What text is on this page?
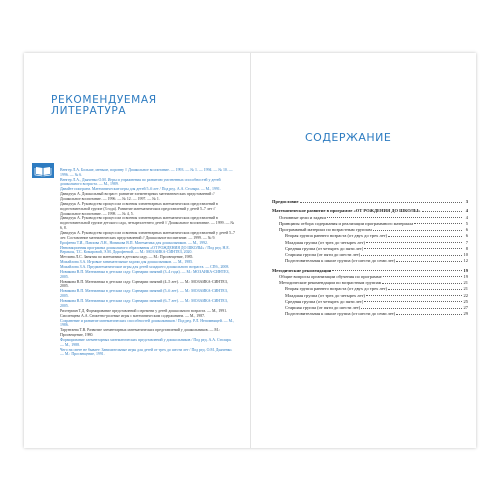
РЕКОМЕНДУЕМАЯ
ЛИТЕРАТУРА

Венгер Л.А. Больше, меньше, поровну // Дошкольное воспитание. — 1993. — № 1. — 1994. — № 10. — 1996. — № 6.

Венгер Л.А., Дьяченко О.М. Игры и упражнения по развитию умственных способностей у детей дошкольного возраста. — М., 1989.

Давайте поиграем. Математические игры для детей 5–6 лет / Под ред. А.А. Столяра. — М., 1991.

Давидчук А. Дошкольный возраст: развитие элементарных математических представлений // Дошкольное воспитание. — 1996. — № 12. — 1997. — № 1.

Давидчук А. Руководство процессом освоения элементарных математических представлений в подготовительной группе (3 года). Развитие математических представлений у детей 5–7 лет // Дошкольное воспитание. — 1998. — № 4, 5.

Давидчук А. Руководство процессом освоения элементарных математических представлений в подготовительной группе детского сада, четырехлетнего детей // Дошкольное воспитание. — 1999. — № 6, 8.

Давидчук А. Руководство процессом освоения элементарных математических представлений у детей 5–7 лет. Составление математических представлений // Дошкольное воспитание. — 1999. — № 9.

Ерофеева Т.И., Павлова Л.Н., Новикова В.П. Математика для дошкольников. — М., 1992.

Инновационная программа дошкольного образования «ОТ РОЖДЕНИЯ ДО ШКОЛЫ» / Под ред. Н.Е. Вераксы, Т.С. Комаровой, Э.М. Дорофеевой. — М.: МОЗАИКА-СИНТЕЗ, 2020.

Метлина Л.С. Занятия по математике в детском саду. — М.: Просвещение, 1985.

Михайлова З.А. Игровые занимательные задачи для дошкольников. — М., 1985.

Михайлова З.А. Предматематические игры для детей младшего дошкольного возраста. — СПб., 2008.

Новикова В.П. Математика в детском саду. Сценарии занятий (3–4 года). — М.: МОЗАИКА-СИНТЕЗ, 2005.

Новикова В.П. Математика в детском саду. Сценарии занятий (4–5 лет). — М.: МОЗАИКА-СИНТЕЗ, 2005.

Новикова В.П. Математика в детском саду. Сценарии занятий (5–6 лет). — М.: МОЗАИКА-СИНТЕЗ, 2005.

Новикова В.П. Математика в детском саду. Сценарии занятий (6–7 лет). — М.: МОЗАИКА-СИНТЕЗ, 2005.

Рихтерман Т.Д. Формирование представлений о времени у детей дошкольного возраста. — М., 1991.

Смоленцева А.А. Сюжетно-ролевые игры с математическим содержанием. — М., 1987.

Сохранение и развитие математических способностей дошкольников / Под ред. Р.Л. Непомнящей. — М., 1986.

Тарунтаева Т.В. Развитие элементарных математических представлений у дошкольников. — М.: Просвещение, 1980.

Формирование элементарных математических представлений у дошкольников / Под ред. А.А. Столяра. — М., 1988.

Чего на свете не бывает: Занимательные игры для детей от трех до шести лет / Под ред. О.М. Дьяченко. — М.: Просвещение, 1991.

СОДЕРЖАНИЕ
Предисловие	3
Математическое развитие в программе «ОТ РОЖДЕНИЯ ДО ШКОЛЫ»	4
Основные цели и задачи	4
Принципы отбора содержания и реализации программного материала	5
Программный материал по возрастным группам	6
Вторая группа раннего возраста (от двух до трех лет)	6
Младшая группа (от трех до четырех лет)	7
Средняя группа (от четырех до пяти лет)	8
Старшая группа (от пяти до шести лет)	10
Подготовительная к школе группа (от шести до семи лет)	12
Методические рекомендации	19
Общие вопросы организации обучения по программе	19
Методические рекомендации по возрастным группам	21
Вторая группа раннего возраста (от двух до трех лет)	21
Младшая группа (от трех до четырех лет)	22
Средняя группа (от четырех до пяти лет)	25
Старшая группа (от пяти до шести лет)	27
Подготовительная к школе группа (от шести до семи лет)	29
